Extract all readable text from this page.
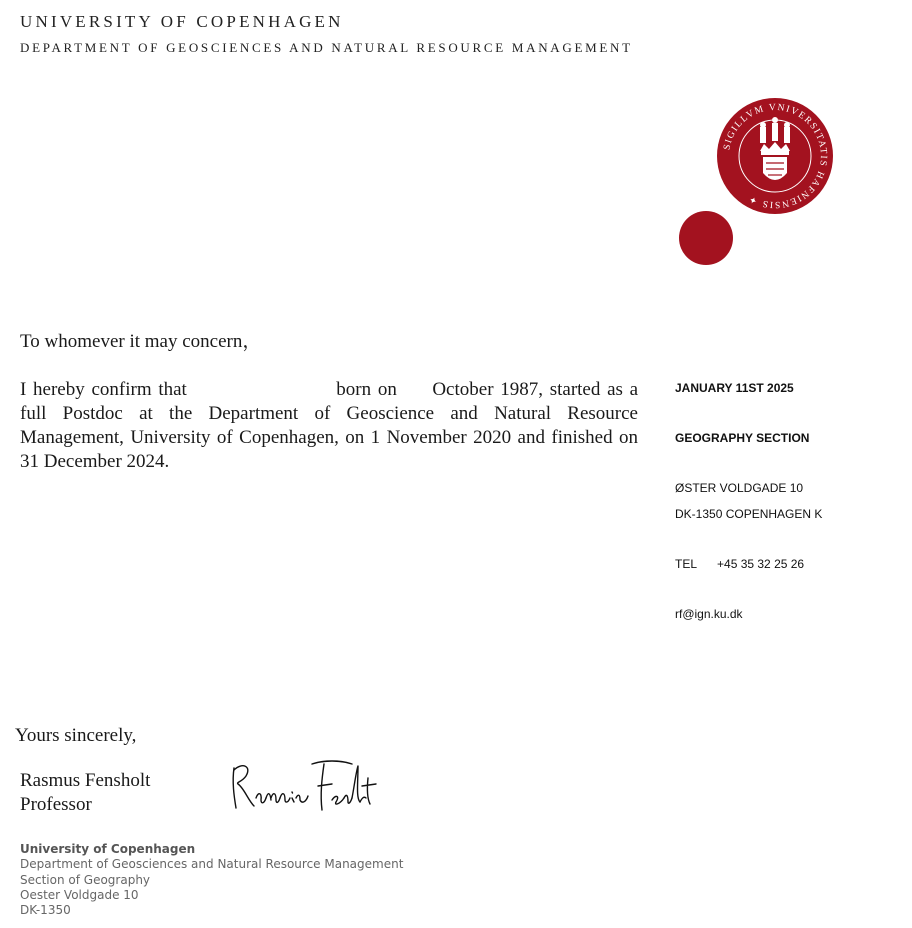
UNIVERSITY OF COPENHAGEN
DEPARTMENT OF GEOSCIENCES AND NATURAL RESOURCE MANAGEMENT
SIGILLVM VNIVERSITATIS HAFNIENSIS ✦
To whomever it may concern，
I hereby confirm that	born on October 1987, started as a full Postdoc at the Department of Geoscience and Natural Resource Management, University of Copenhagen, on 1 November 2020 and finished on 31 December 2024.
JANUARY 11ST 2025
GEOGRAPHY SECTION
ØSTER VOLDGADE 10
DK-1350 COPENHAGEN K
TEL +45 35 32 25 26
rf@ign.ku.dk
Yours sincerely,
Rasmus Fensholt
Professor
University of Copenhagen
Department of Geosciences and Natural Resource Management
Section of Geography
Oester Voldgade 10
DK-1350
